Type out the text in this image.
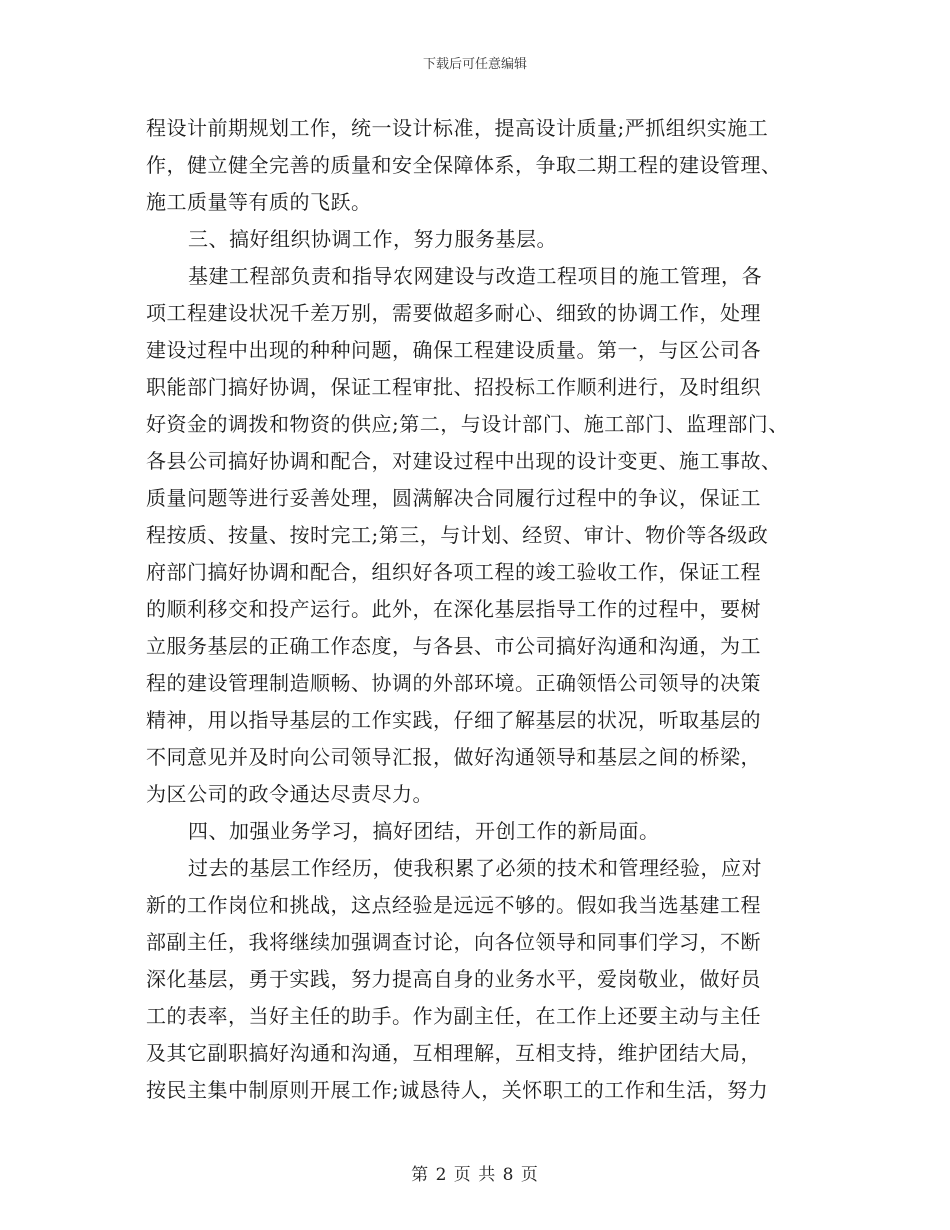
下载后可任意编辑
程设计前期规划工作，统一设计标准，提高设计质量;严抓组织实施工
作，健立健全完善的质量和安全保障体系，争取二期工程的建设管理、
施工质量等有质的飞跃。
三、搞好组织协调工作，努力服务基层。
基建工程部负责和指导农网建设与改造工程项目的施工管理，各
项工程建设状况千差万别，需要做超多耐心、细致的协调工作，处理
建设过程中出现的种种问题，确保工程建设质量。第一，与区公司各
职能部门搞好协调，保证工程审批、招投标工作顺利进行，及时组织
好资金的调拨和物资的供应;第二，与设计部门、施工部门、监理部门、
各县公司搞好协调和配合，对建设过程中出现的设计变更、施工事故、
质量问题等进行妥善处理，圆满解决合同履行过程中的争议，保证工
程按质、按量、按时完工;第三，与计划、经贸、审计、物价等各级政
府部门搞好协调和配合，组织好各项工程的竣工验收工作，保证工程
的顺利移交和投产运行。此外，在深化基层指导工作的过程中，要树
立服务基层的正确工作态度，与各县、市公司搞好沟通和沟通，为工
程的建设管理制造顺畅、协调的外部环境。正确领悟公司领导的决策
精神，用以指导基层的工作实践，仔细了解基层的状况，听取基层的
不同意见并及时向公司领导汇报，做好沟通领导和基层之间的桥梁，
为区公司的政令通达尽责尽力。
四、加强业务学习，搞好团结，开创工作的新局面。
过去的基层工作经历，使我积累了必须的技术和管理经验，应对
新的工作岗位和挑战，这点经验是远远不够的。假如我当选基建工程
部副主任，我将继续加强调查讨论，向各位领导和同事们学习，不断
深化基层，勇于实践，努力提高自身的业务水平，爱岗敬业，做好员
工的表率，当好主任的助手。作为副主任，在工作上还要主动与主任
及其它副职搞好沟通和沟通，互相理解，互相支持，维护团结大局，
按民主集中制原则开展工作;诚恳待人，关怀职工的工作和生活，努力
第 2 页 共 8 页
